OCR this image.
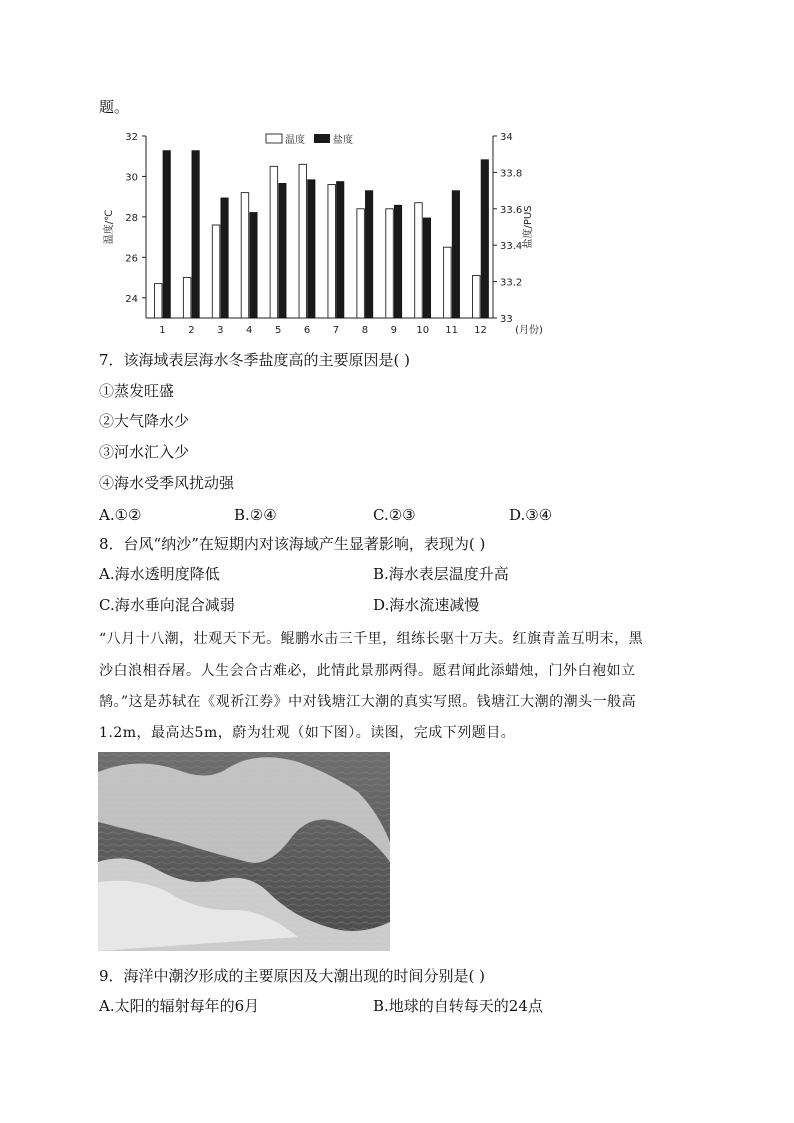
题。
24
26
28
30
32
33
33.2
33.4
33.6
33.8
34
温度/℃	盐度/PUS
1 2 3 4 5 6 7 8 9 10 11 12	(月份)
温度	盐度
7．该海域表层海水冬季盐度高的主要原因是( )
①蒸发旺盛
②大气降水少
③河水汇入少
④海水受季风扰动强
A.①②	B.②④	C.②③	D.③④
8．台风“纳沙”在短期内对该海域产生显著影响，表现为( )
A.海水透明度降低	B.海水表层温度升高
C.海水垂向混合减弱	D.海水流速减慢
“八月十八潮，壮观天下无。鲲鹏水击三千里，组练长驱十万夫。红旗青盖互明末，黑
沙白浪相吞屠。人生会合古难必，此情此景那两得。愿君闻此添蜡烛，门外白袍如立
鹄。”这是苏轼在《观祈江券》中对钱塘江大潮的真实写照。钱塘江大潮的潮头一般高
1.2m，最高达5m，蔚为壮观（如下图）。读图，完成下列题目。
9．海洋中潮汐形成的主要原因及大潮出现的时间分别是( )
A.太阳的辐射每年的6月	B.地球的自转每天的24点
